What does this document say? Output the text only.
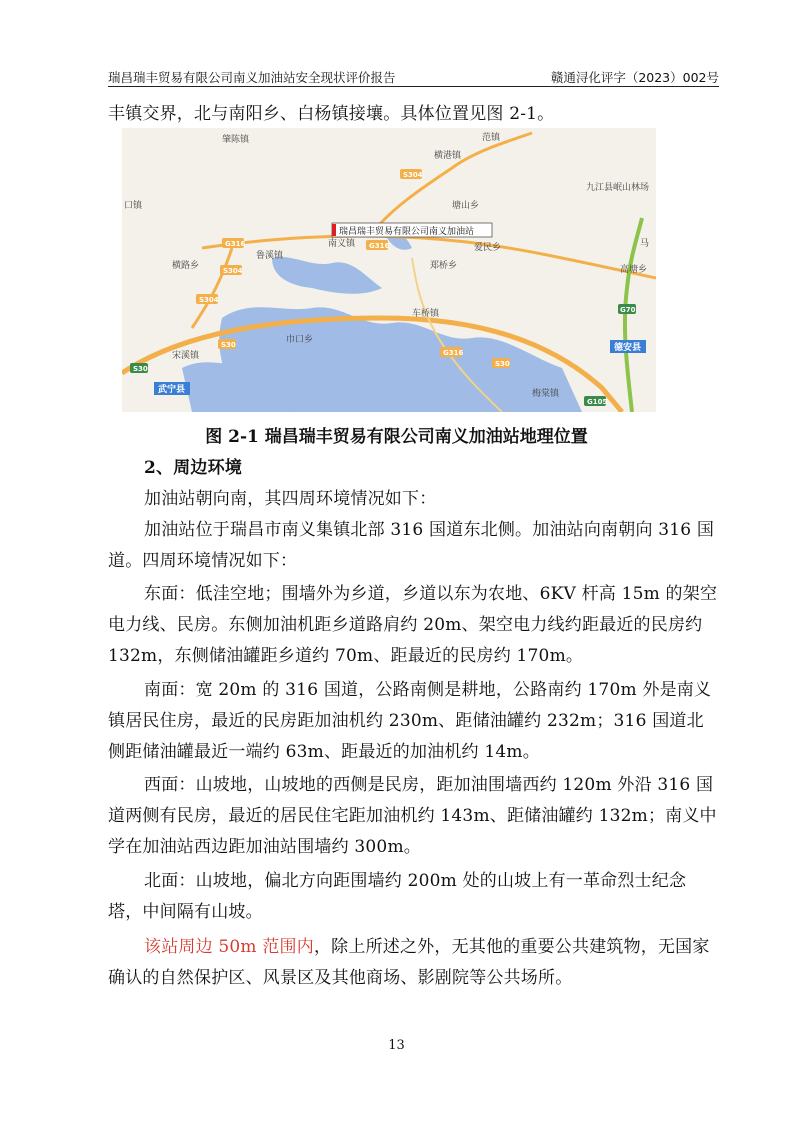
瑞昌瑞丰贸易有限公司南义加油站安全现状评价报告	赣通浔化评字（2023）002号
丰镇交界，北与南阳乡、白杨镇接壤。具体位置见图 2-1。
S304
G316	G316
S304
S304
S30
S30
G316
S30
G70
G105
肇陈镇	范镇
横港镇
塘山乡
九江县岷山林场
口镇
鲁溪镇
南义镇
郑桥乡
爱民乡
横路乡
车桥镇
高塘乡
马
巾口乡
宋溪镇
梅棠镇
武宁县
德安县
瑞昌瑞丰贸易有限公司南义加油站
图 2-1 瑞昌瑞丰贸易有限公司南义加油站地理位置
2、周边环境
加油站朝向南，其四周环境情况如下：
加油站位于瑞昌市南义集镇北部 316 国道东北侧。加油站向南朝向 316 国道。四周环境情况如下：
东面：低洼空地；围墙外为乡道，乡道以东为农地、6KV 杆高 15m 的架空电力线、民房。东侧加油机距乡道路肩约 20m、架空电力线约距最近的民房约 132m，东侧储油罐距乡道约 70m、距最近的民房约 170m。
南面：宽 20m 的 316 国道，公路南侧是耕地，公路南约 170m 外是南义镇居民住房，最近的民房距加油机约 230m、距储油罐约 232m；316 国道北侧距储油罐最近一端约 63m、距最近的加油机约 14m。
西面：山坡地，山坡地的西侧是民房，距加油围墙西约 120m 外沿 316 国道两侧有民房，最近的居民住宅距加油机约 143m、距储油罐约 132m；南义中学在加油站西边距加油站围墙约 300m。
北面：山坡地，偏北方向距围墙约 200m 处的山坡上有一革命烈士纪念塔，中间隔有山坡。
该站周边 50m 范围内，除上所述之外，无其他的重要公共建筑物，无国家确认的自然保护区、风景区及其他商场、影剧院等公共场所。
13
